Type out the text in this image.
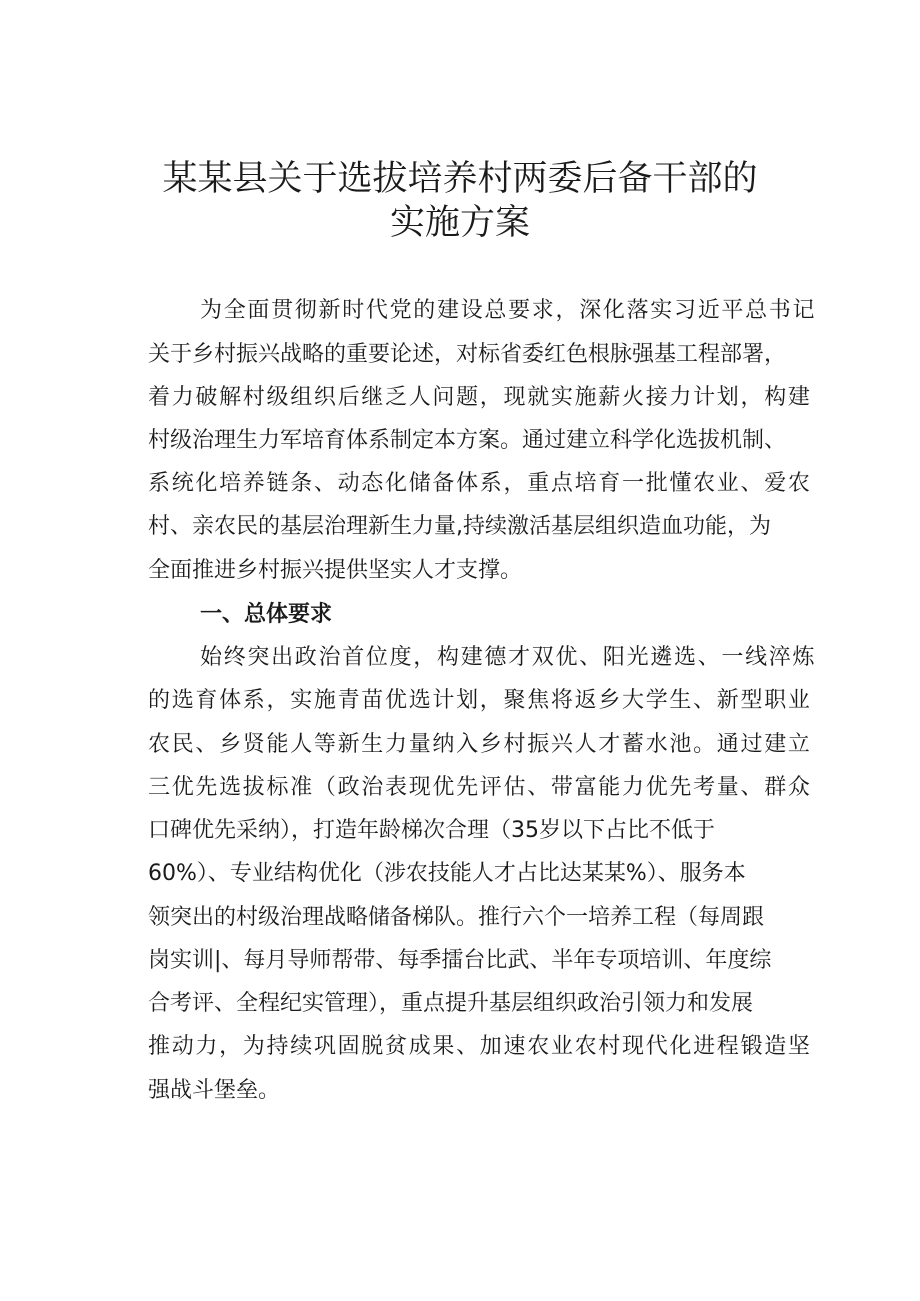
某某县关于选拔培养村两委后备干部的
实施方案
为全面贯彻新时代党的建设总要求，深化落实习近平总书记
关于乡村振兴战略的重要论述，对标省委红色根脉强基工程部署，
着力破解村级组织后继乏人问题，现就实施薪火接力计划，构建
村级治理生力军培育体系制定本方案。通过建立科学化选拔机制、
系统化培养链条、动态化储备体系，重点培育一批懂农业、爱农
村、亲农民的基层治理新生力量,持续激活基层组织造血功能，为
全面推进乡村振兴提供坚实人才支撑。
一、总体要求
始终突出政治首位度，构建德才双优、阳光遴选、一线淬炼
的选育体系，实施青苗优选计划，聚焦将返乡大学生、新型职业
农民、乡贤能人等新生力量纳入乡村振兴人才蓄水池。通过建立
三优先选拔标准（政治表现优先评估、带富能力优先考量、群众
口碑优先采纳），打造年龄梯次合理（35岁以下占比不低于
60%）、专业结构优化（涉农技能人才占比达某某%）、服务本
领突出的村级治理战略储备梯队。推行六个一培养工程（每周跟
岗实训|、每月导师帮带、每季擂台比武、半年专项培训、年度综
合考评、全程纪实管理），重点提升基层组织政治引领力和发展
推动力，为持续巩固脱贫成果、加速农业农村现代化进程锻造坚
强战斗堡垒。
